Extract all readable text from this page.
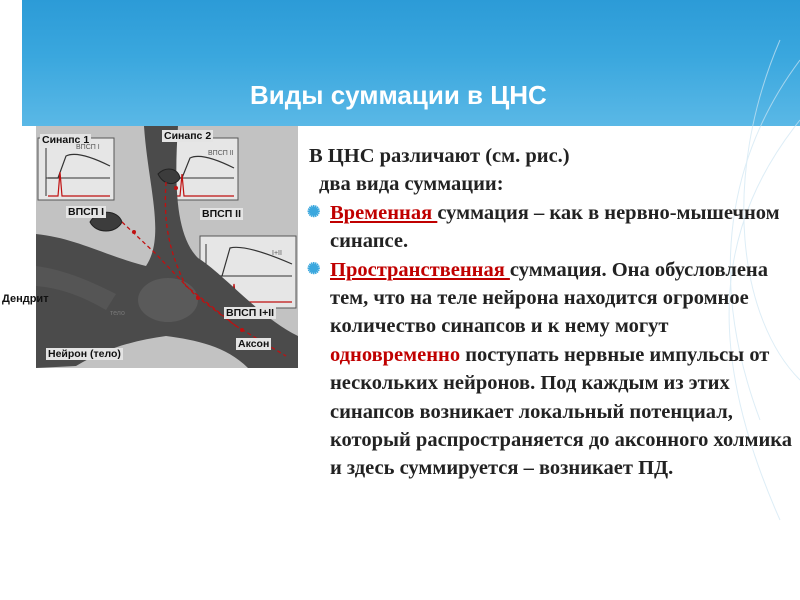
Виды суммации в ЦНС
Синапс 1	Синапс 2
ВПСП I
ВПСП II
I+II
ВПСП I	ВПСП II
тело	ВПСП I+II
Аксон
Нейрон (тело)
Дендрит

В ЦНС различают (см. рис.)

два вида суммации:

✺ Временная суммация – как в нервно-мышечном синапсе.

✺ Пространственная суммация. Она обусловлена тем, что на теле нейрона находится огромное количество синапсов и к нему могут одновременно поступать нервные импульсы от нескольких нейронов. Под каждым из этих синапсов возникает локальный потенциал, который распространяется до аксонного холмика и здесь суммируется – возникает ПД.
